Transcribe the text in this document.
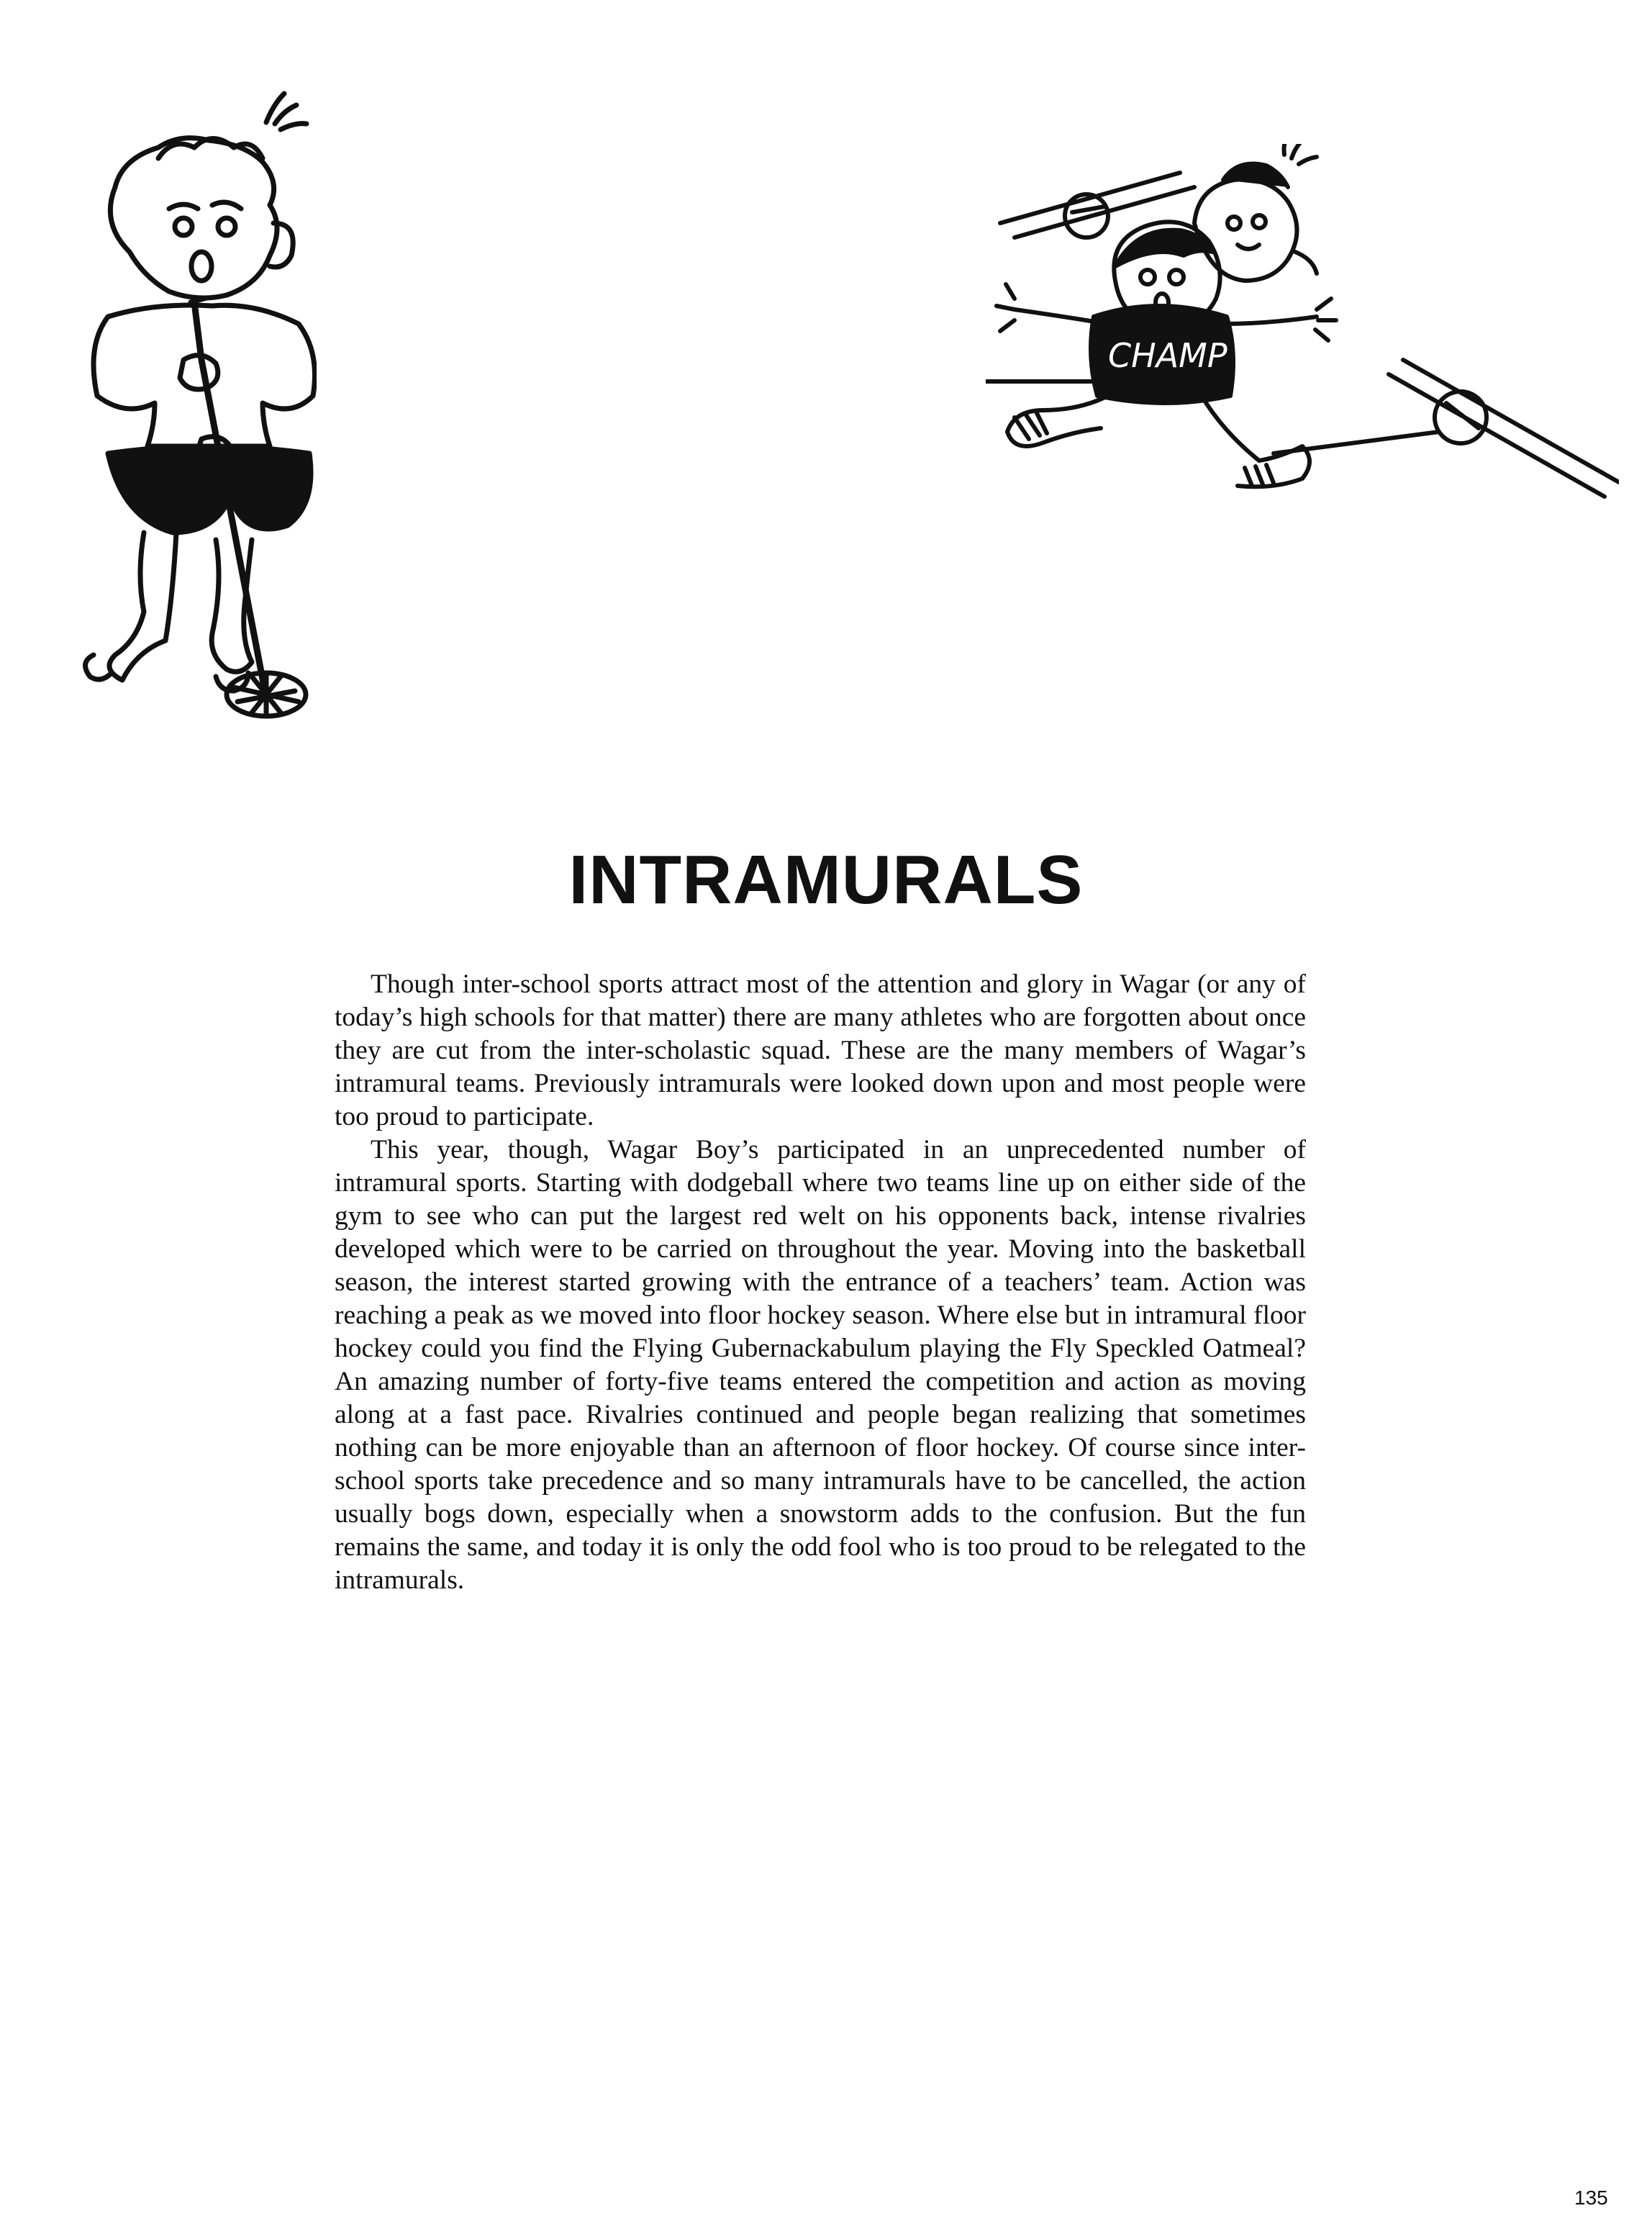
CHAMP
INTRAMURALS

Though inter-school sports attract most of the attention and glory in Wagar (or any of today’s high schools for that matter) there are many athletes who are forgotten about once they are cut from the inter-scholastic squad. These are the many members of Wagar’s intramural teams. Previously intramurals were looked down upon and most people were too proud to participate.

This year, though, Wagar Boy’s participated in an unprecedented number of intramural sports. Starting with dodgeball where two teams line up on either side of the gym to see who can put the largest red welt on his opponents back, intense rivalries developed which were to be carried on throughout the year. Moving into the basketball season, the interest started growing with the entrance of a teachers’ team. Action was reaching a peak as we moved into floor hockey season. Where else but in intramural floor hockey could you find the Flying Gubernackabulum playing the Fly Speckled Oatmeal? An amazing number of forty-five teams entered the competition and action as moving along at a fast pace. Rivalries continued and people began realizing that sometimes nothing can be more enjoyable than an afternoon of floor hockey. Of course since inter-school sports take precedence and so many intramurals have to be cancelled, the action usually bogs down, especially when a snowstorm adds to the confusion. But the fun remains the same, and today it is only the odd fool who is too proud to be relegated to the intramurals.

135
